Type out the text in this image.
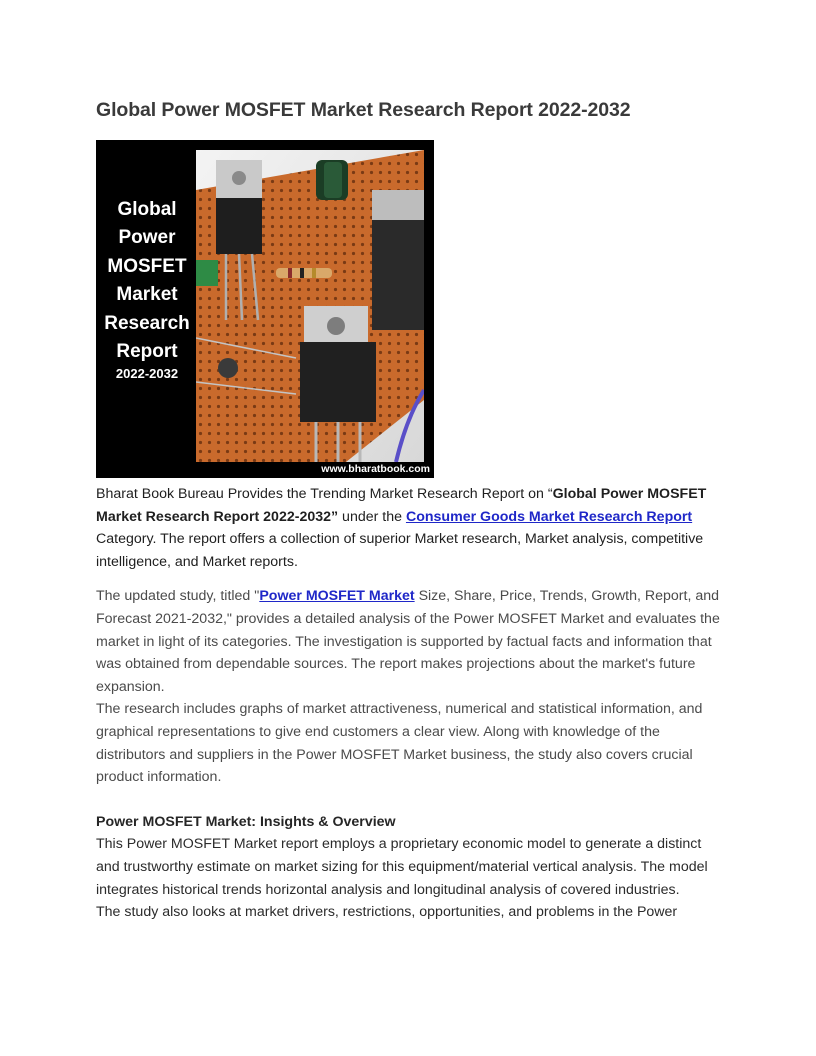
Global Power MOSFET Market Research Report 2022-2032
Global
Power
MOSFET
Market
Research
Report
2022-2032
www.bharatbook.com

Bharat Book Bureau Provides the Trending Market Research Report on “Global Power MOSFET Market Research Report 2022-2032” under the Consumer Goods Market Research Report Category. The report offers a collection of superior Market research, Market analysis, competitive intelligence, and Market reports.

The updated study, titled "Power MOSFET Market Size, Share, Price, Trends, Growth, Report, and Forecast 2021-2032," provides a detailed analysis of the Power MOSFET Market and evaluates the market in light of its categories. The investigation is supported by factual facts and information that was obtained from dependable sources. The report makes projections about the market's future expansion.

The research includes graphs of market attractiveness, numerical and statistical information, and graphical representations to give end customers a clear view. Along with knowledge of the distributors and suppliers in the Power MOSFET Market business, the study also covers crucial product information.

Power MOSFET Market: Insights & Overview

This Power MOSFET Market report employs a proprietary economic model to generate a distinct and trustworthy estimate on market sizing for this equipment/material vertical analysis. The model integrates historical trends horizontal analysis and longitudinal analysis of covered industries.

The study also looks at market drivers, restrictions, opportunities, and problems in the Power
